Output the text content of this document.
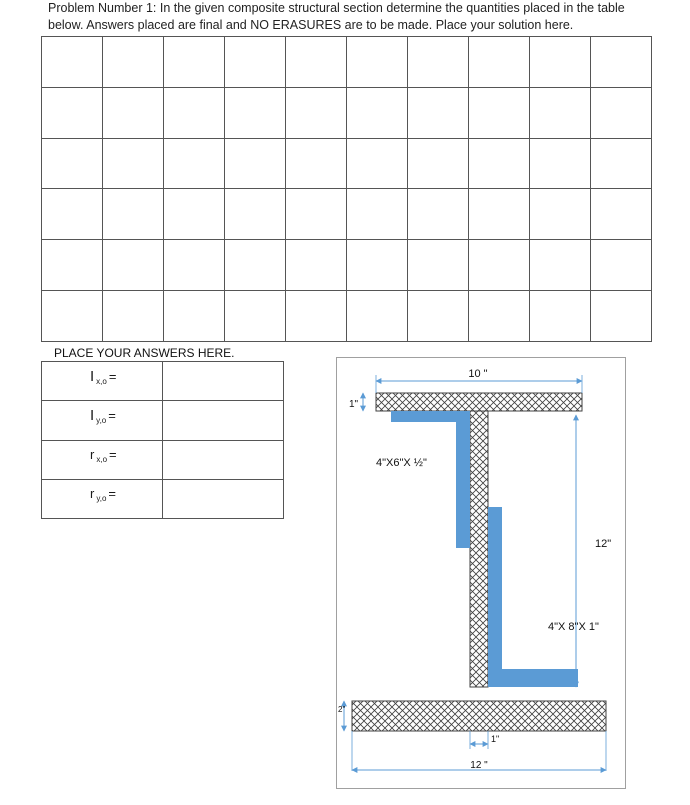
Problem Number 1: In the given composite structural section determine the quantities placed in the table
below. Answers placed are final and NO ERASURES are to be made. Place your solution here.

PLACE YOUR ANSWERS HERE.
I $_{x,o}$ =	

I $_{y,o}$ =	

r $_{x,o}$ =	

r $_{y,o}$ =	

10 "
1"
4"X6"X ½"
12"
4"X 8"X 1"
2"
1"
12 "
